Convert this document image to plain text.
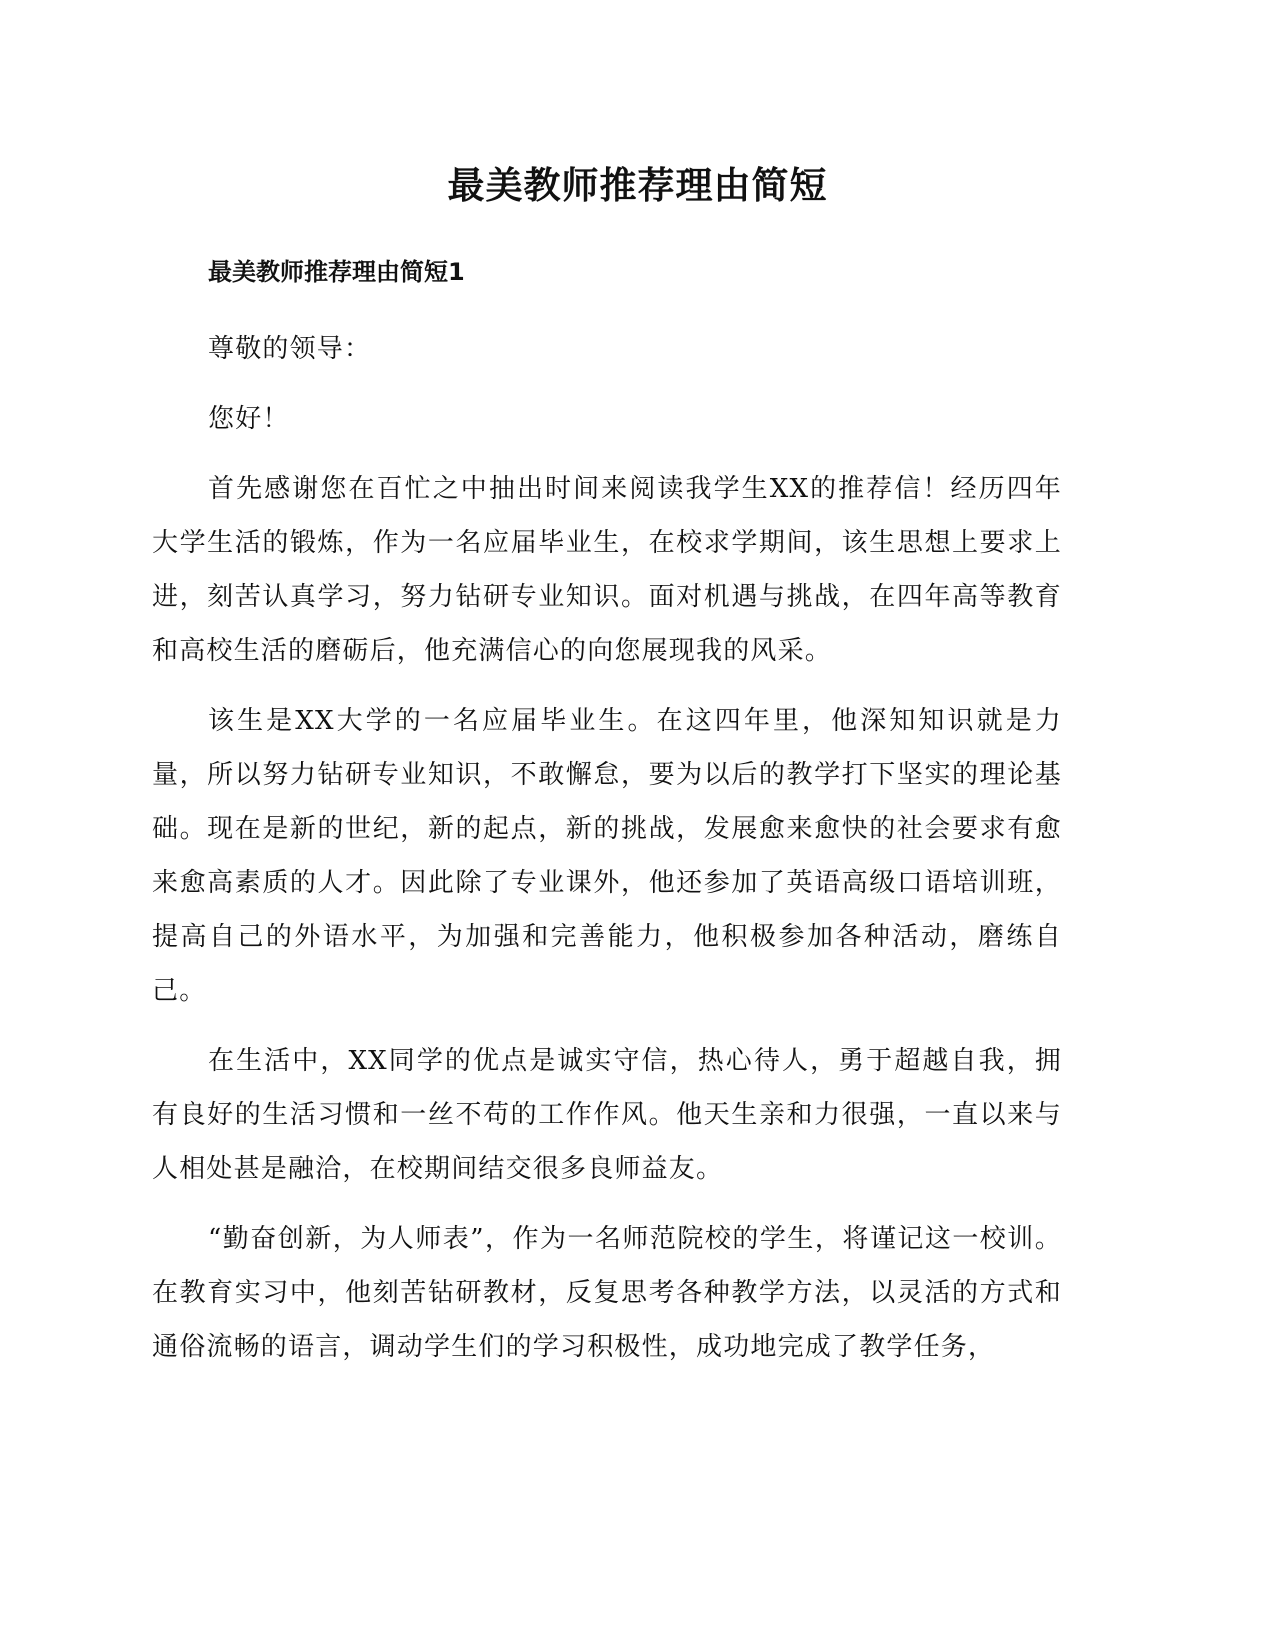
最美教师推荐理由简短

最美教师推荐理由简短1

尊敬的领导：

您好！

首先感谢您在百忙之中抽出时间来阅读我学生XX的推荐信！经历四年大学生活的锻炼，作为一名应届毕业生，在校求学期间，该生思想上要求上进，刻苦认真学习，努力钻研专业知识。面对机遇与挑战，在四年高等教育和高校生活的磨砺后，他充满信心的向您展现我的风采。

该生是XX大学的一名应届毕业生。在这四年里，他深知知识就是力量，所以努力钻研专业知识，不敢懈怠，要为以后的教学打下坚实的理论基础。现在是新的世纪，新的起点，新的挑战，发展愈来愈快的社会要求有愈来愈高素质的人才。因此除了专业课外，他还参加了英语高级口语培训班，提高自己的外语水平，为加强和完善能力，他积极参加各种活动，磨练自己。

在生活中，XX同学的优点是诚实守信，热心待人，勇于超越自我，拥有良好的生活习惯和一丝不苟的工作作风。他天生亲和力很强，一直以来与人相处甚是融洽，在校期间结交很多良师益友。

“勤奋创新，为人师表”，作为一名师范院校的学生，将谨记这一校训。在教育实习中，他刻苦钻研教材，反复思考各种教学方法，以灵活的方式和通俗流畅的语言，调动学生们的学习积极性，成功地完成了教学任务，
